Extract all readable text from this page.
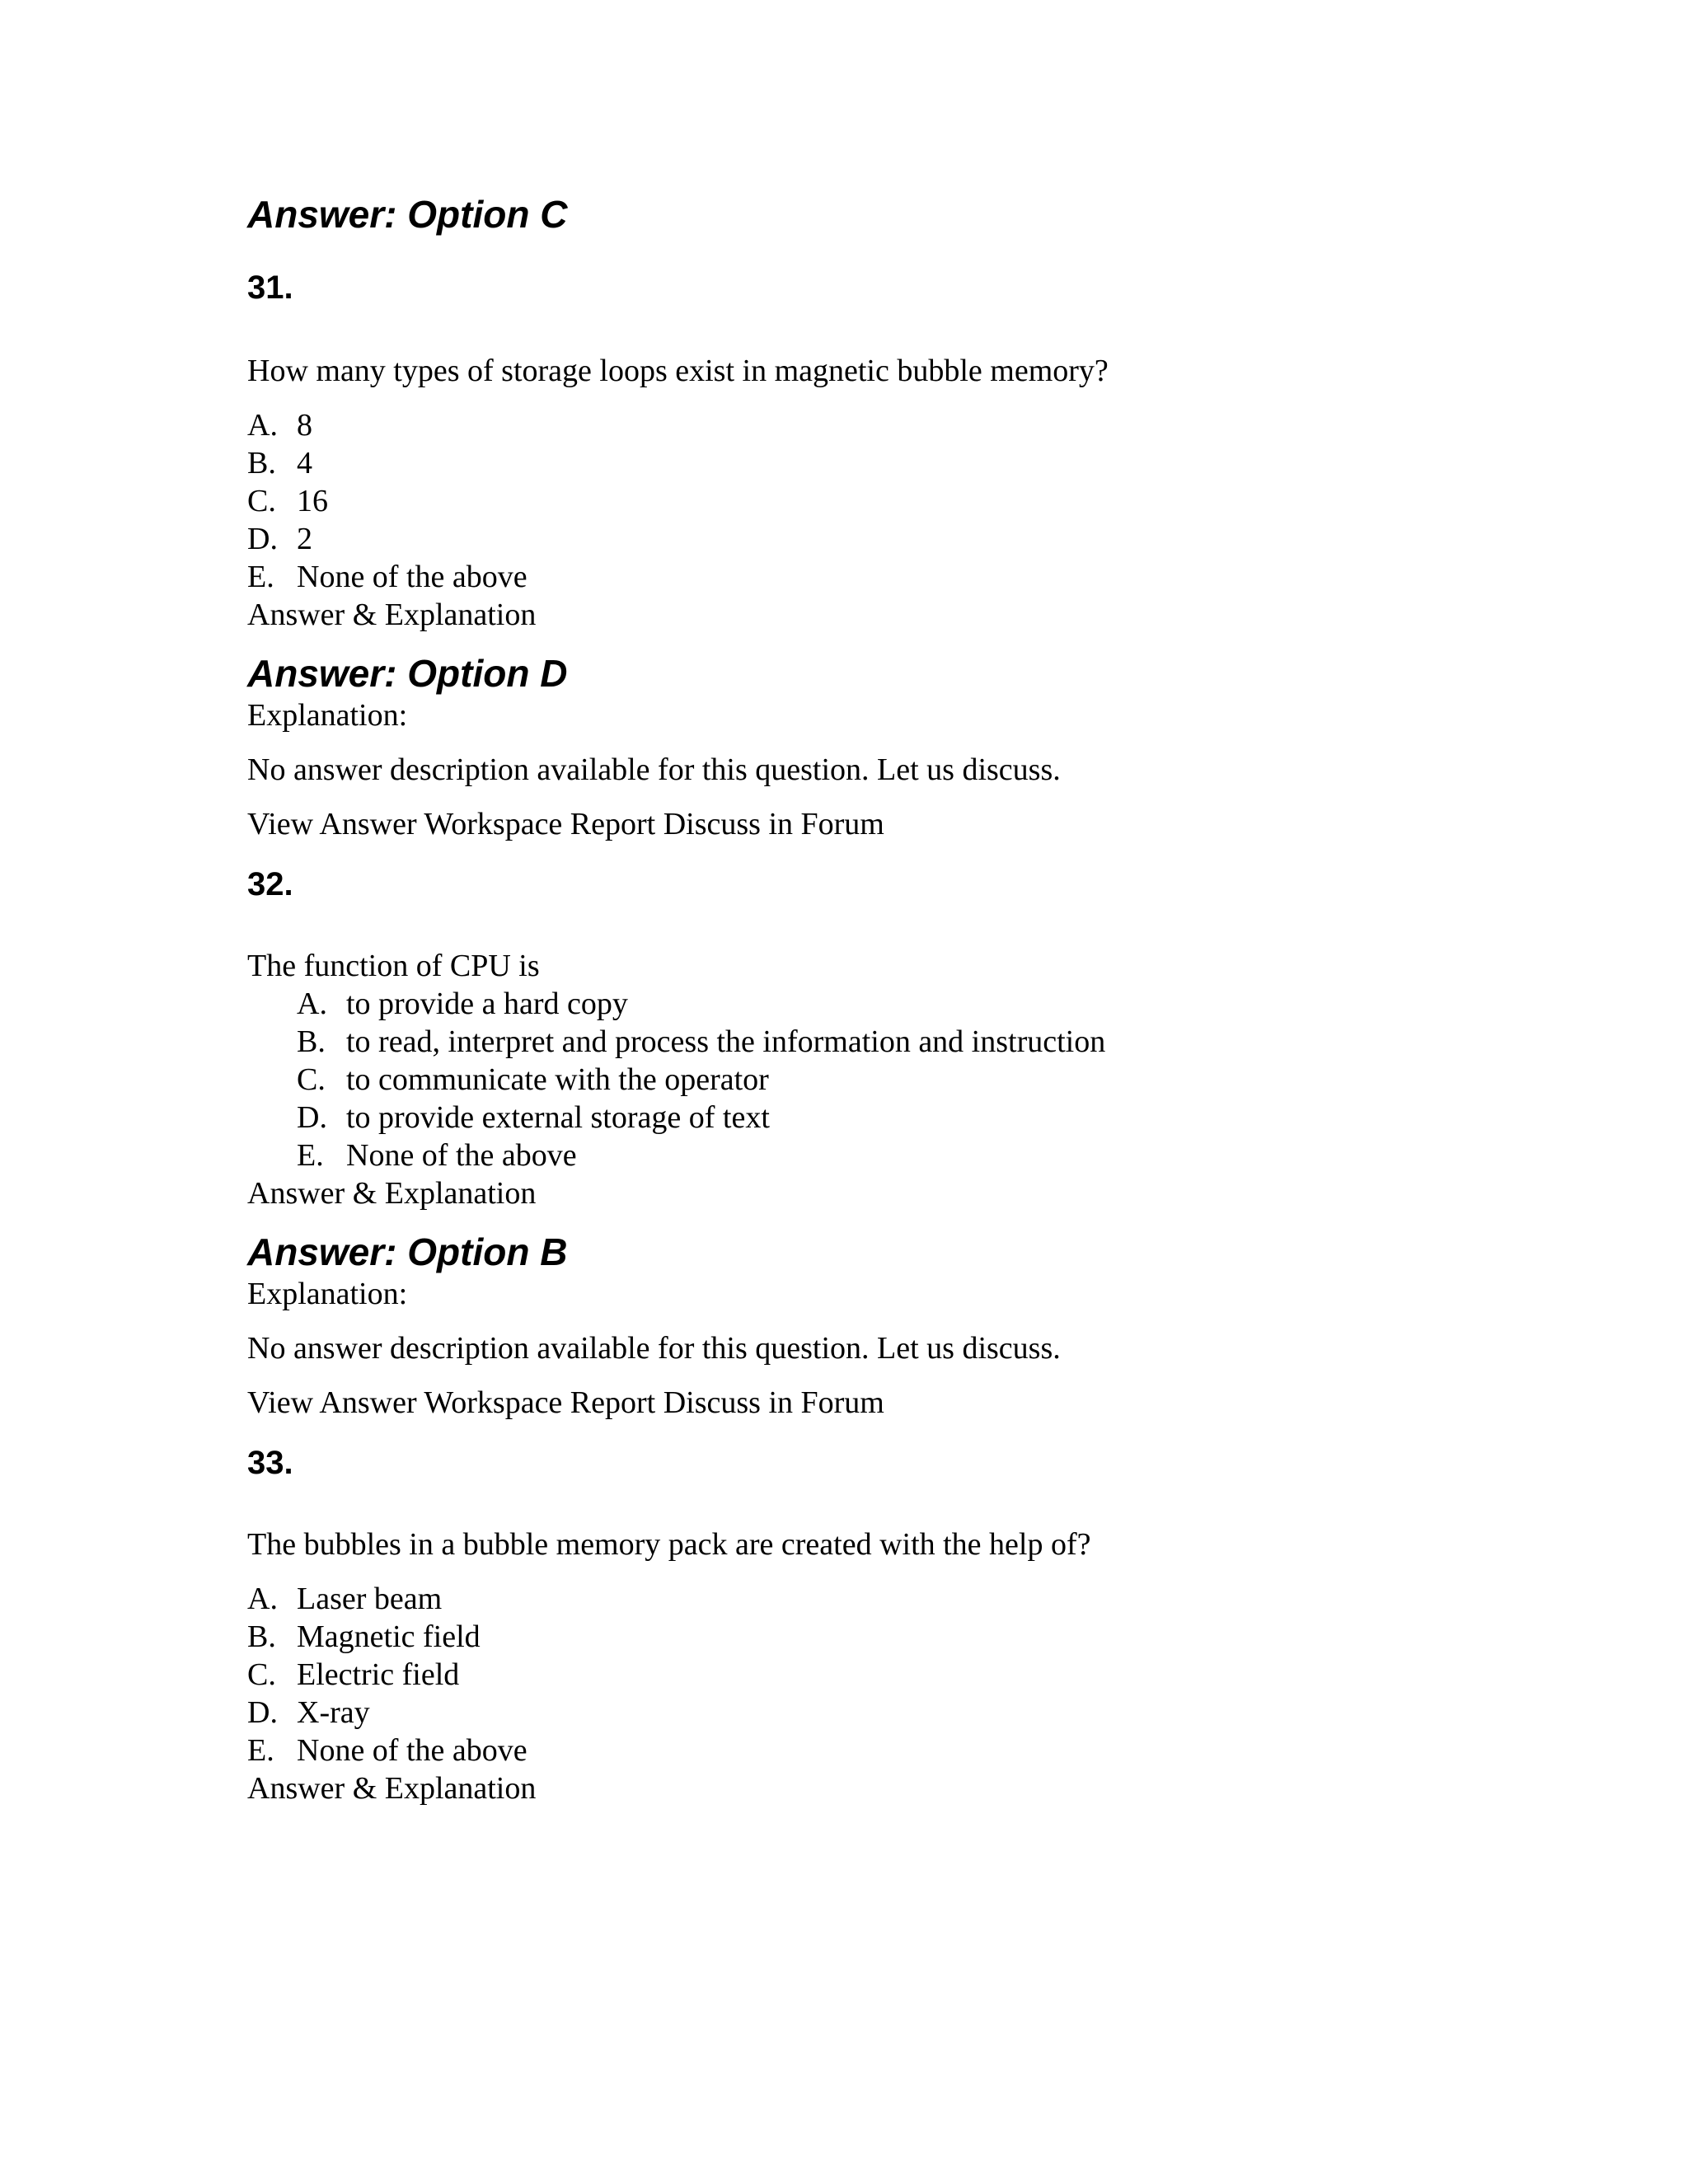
Answer: Option C

31.

How many types of storage loops exist in magnetic bubble memory?

A. 8
B. 4
C. 16
D. 2
E. None of the above

Answer & Explanation

Answer: Option D

Explanation:

No answer description available for this question. Let us discuss.

View Answer Workspace Report Discuss in Forum

32.

The function of CPU is

A. to provide a hard copy
B. to read, interpret and process the information and instruction
C. to communicate with the operator
D. to provide external storage of text
E. None of the above

Answer & Explanation

Answer: Option B

Explanation:

No answer description available for this question. Let us discuss.

View Answer Workspace Report Discuss in Forum

33.

The bubbles in a bubble memory pack are created with the help of?

A. Laser beam
B. Magnetic field
C. Electric field
D. X-ray
E. None of the above

Answer & Explanation
